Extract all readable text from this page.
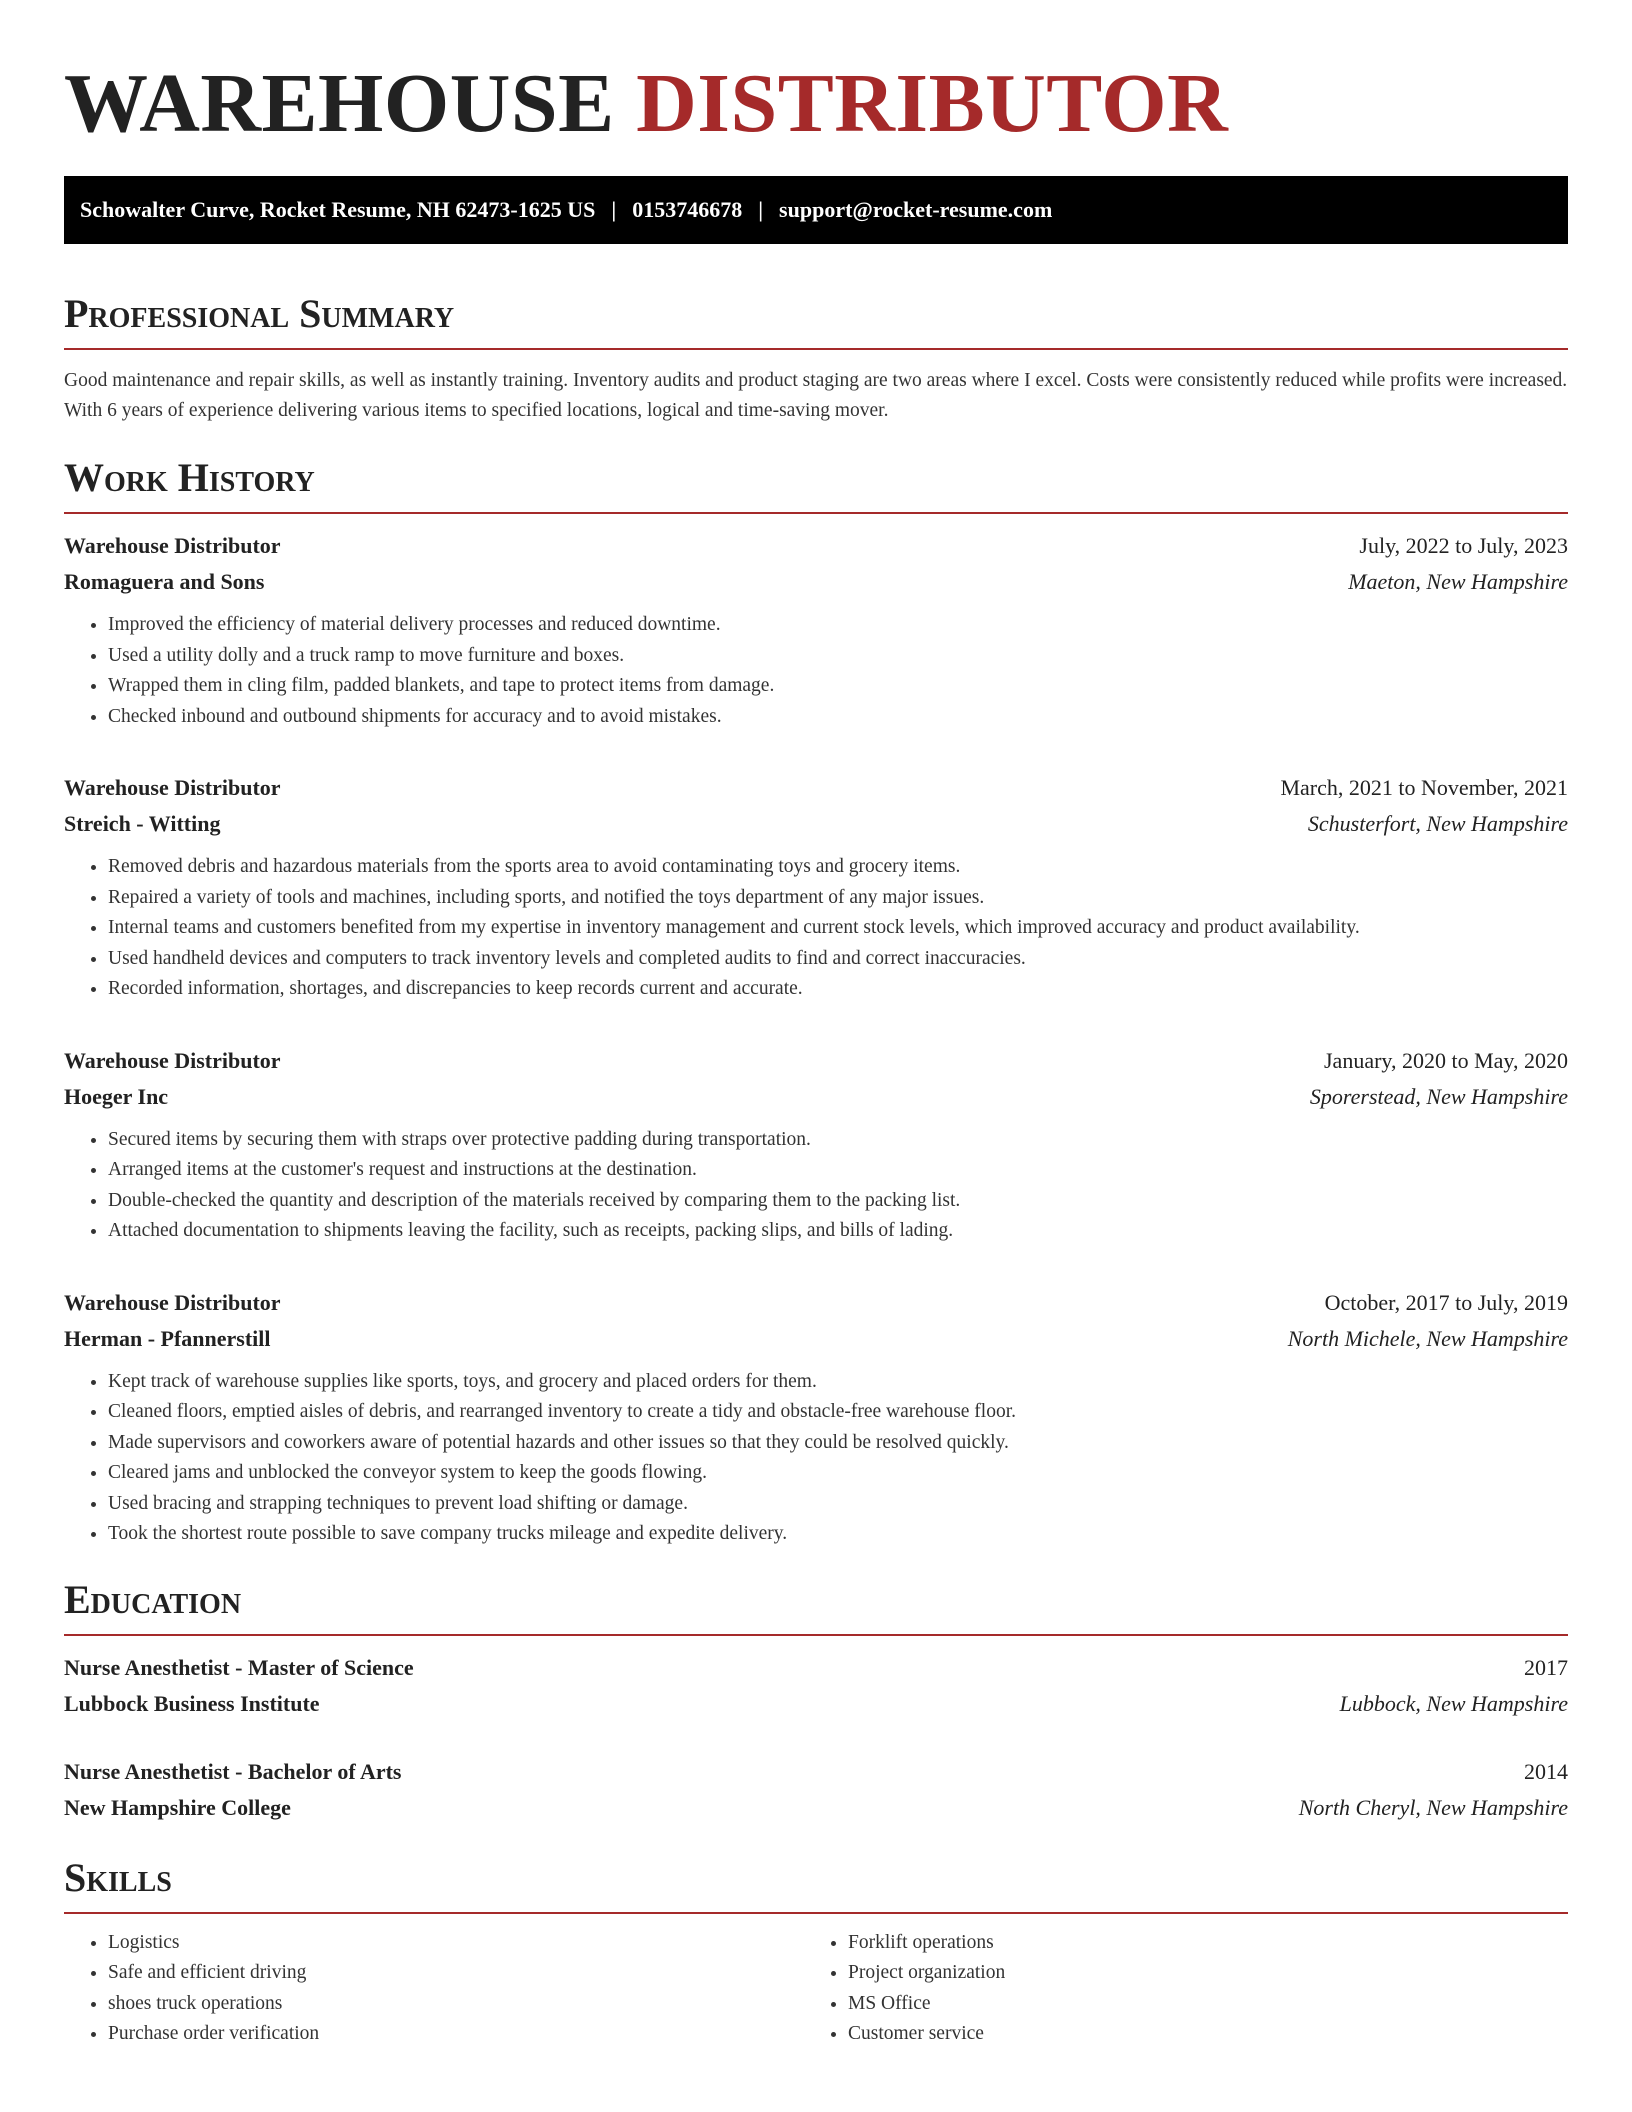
WAREHOUSE DISTRIBUTOR
Schowalter Curve, Rocket Resume, NH 62473-1625 US | 0153746678 | support@rocket-resume.com
Professional Summary

Good maintenance and repair skills, as well as instantly training. Inventory audits and product staging are two areas where I excel. Costs were consistently reduced while profits were increased. With 6 years of experience delivering various items to specified locations, logical and time-saving mover.

Work History
Warehouse Distributor	July, 2022 to July, 2023
Romaguera and Sons	Maeton, New Hampshire
• Improved the efficiency of material delivery processes and reduced downtime.
• Used a utility dolly and a truck ramp to move furniture and boxes.
• Wrapped them in cling film, padded blankets, and tape to protect items from damage.
• Checked inbound and outbound shipments for accuracy and to avoid mistakes.
Warehouse Distributor	March, 2021 to November, 2021
Streich - Witting	Schusterfort, New Hampshire
• Removed debris and hazardous materials from the sports area to avoid contaminating toys and grocery items.
• Repaired a variety of tools and machines, including sports, and notified the toys department of any major issues.
• Internal teams and customers benefited from my expertise in inventory management and current stock levels, which improved accuracy and product availability.
• Used handheld devices and computers to track inventory levels and completed audits to find and correct inaccuracies.
• Recorded information, shortages, and discrepancies to keep records current and accurate.
Warehouse Distributor	January, 2020 to May, 2020
Hoeger Inc	Sporerstead, New Hampshire
• Secured items by securing them with straps over protective padding during transportation.
• Arranged items at the customer's request and instructions at the destination.
• Double-checked the quantity and description of the materials received by comparing them to the packing list.
• Attached documentation to shipments leaving the facility, such as receipts, packing slips, and bills of lading.
Warehouse Distributor	October, 2017 to July, 2019
Herman - Pfannerstill	North Michele, New Hampshire
• Kept track of warehouse supplies like sports, toys, and grocery and placed orders for them.
• Cleaned floors, emptied aisles of debris, and rearranged inventory to create a tidy and obstacle-free warehouse floor.
• Made supervisors and coworkers aware of potential hazards and other issues so that they could be resolved quickly.
• Cleared jams and unblocked the conveyor system to keep the goods flowing.
• Used bracing and strapping techniques to prevent load shifting or damage.
• Took the shortest route possible to save company trucks mileage and expedite delivery.
Education
Nurse Anesthetist - Master of Science	2017
Lubbock Business Institute	Lubbock, New Hampshire
Nurse Anesthetist - Bachelor of Arts	2014
New Hampshire College	North Cheryl, New Hampshire
Skills
• Logistics
• Safe and efficient driving
• shoes truck operations
• Purchase order verification
• Forklift operations
• Project organization
• MS Office
• Customer service
